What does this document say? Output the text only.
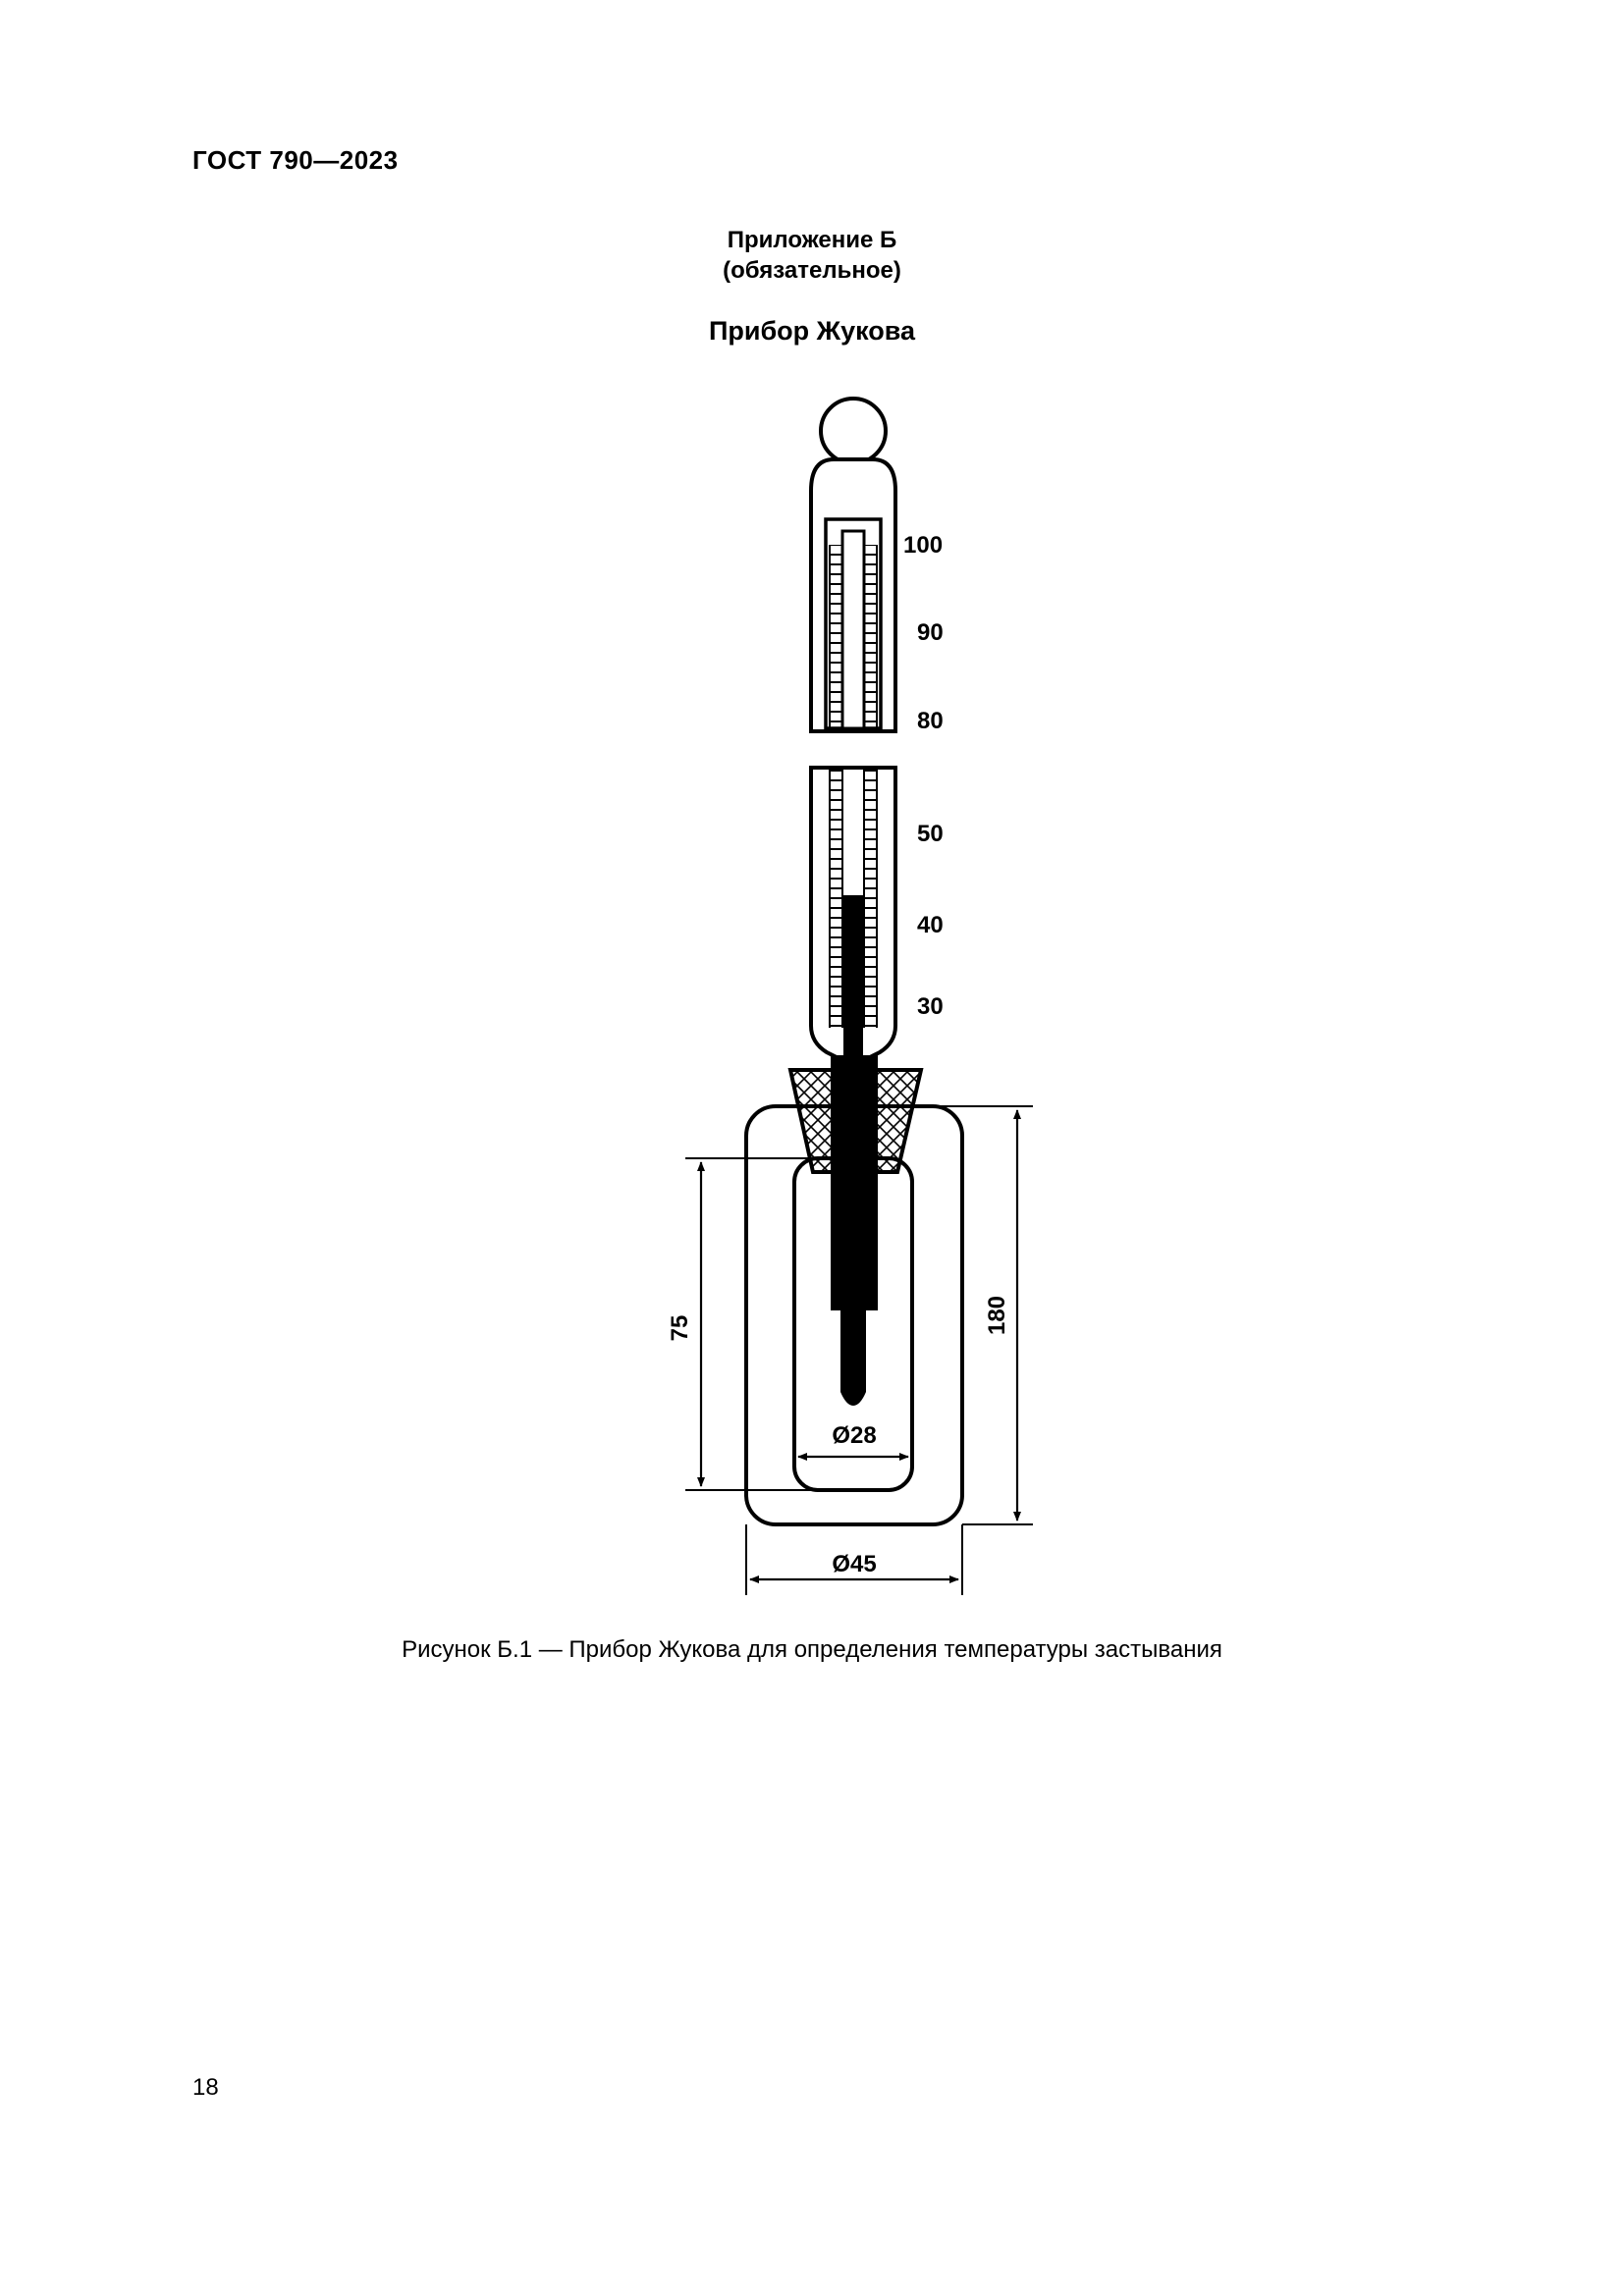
ГОСТ 790—2023
Приложение Б
(обязательное)
Прибор Жукова
100
90
80
50
40
30
75	180
Ø28
Ø45
Рисунок Б.1 — Прибор Жукова для определения температуры застывания
18
